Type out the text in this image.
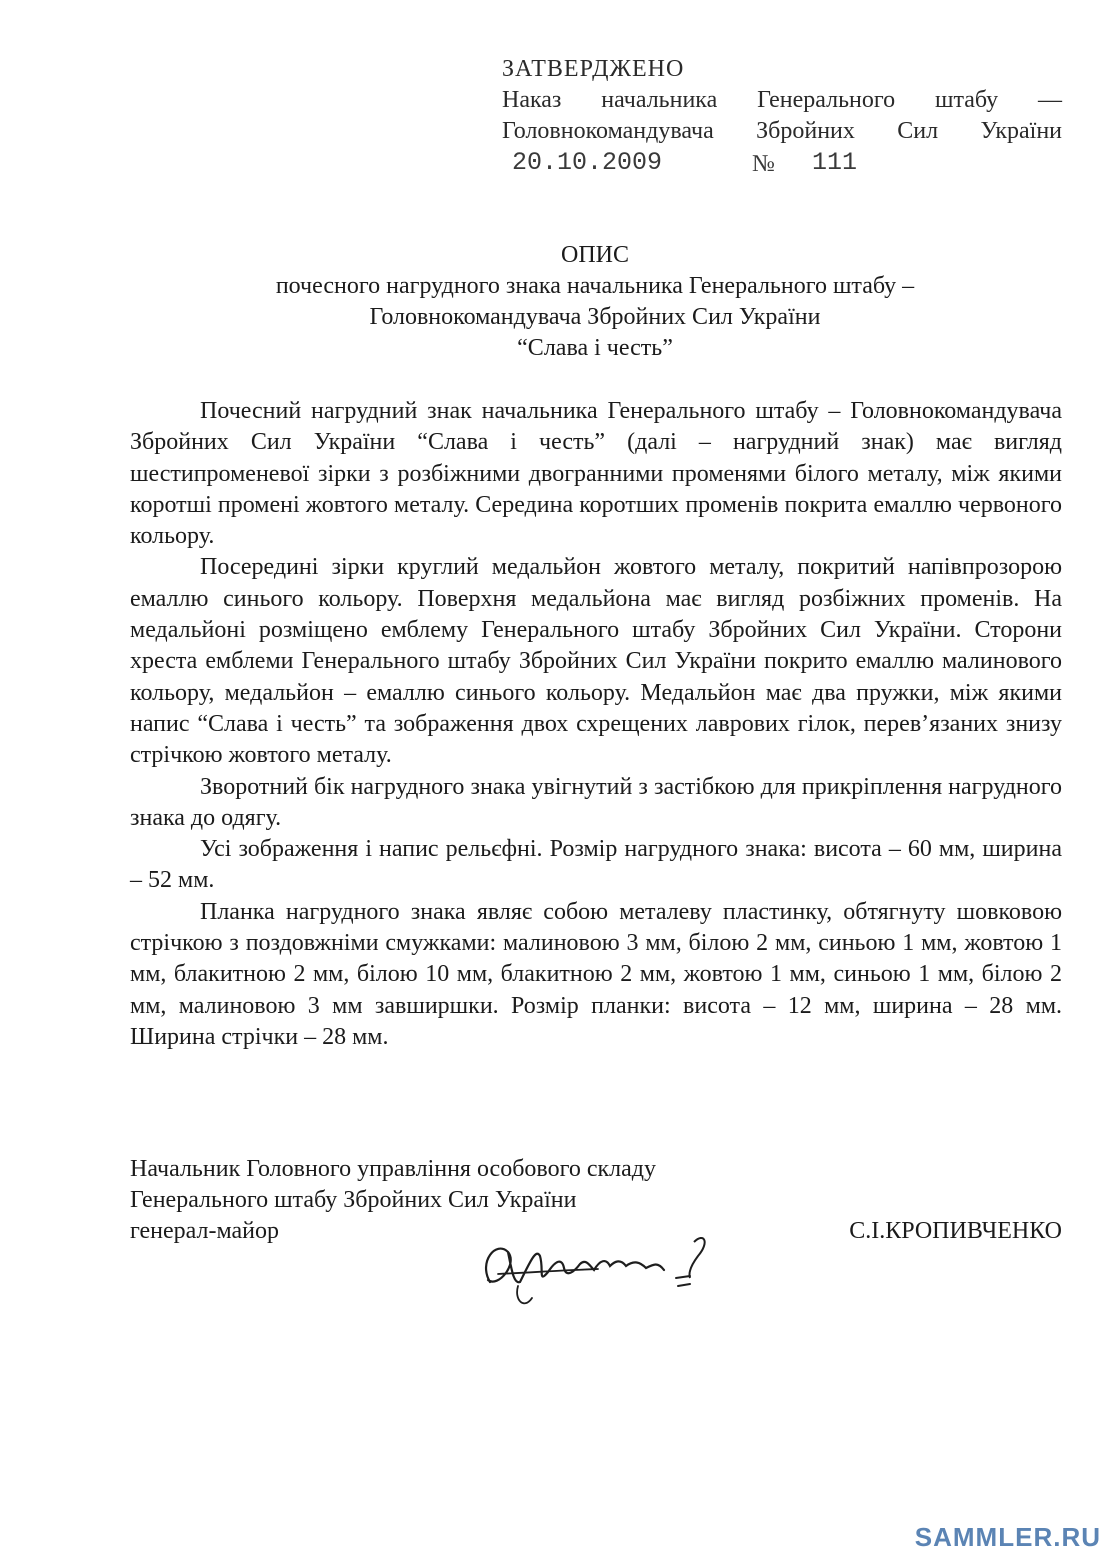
ЗАТВЕРДЖЕНО
Наказ начальника Генерального штабу —
Головнокомандувача Збройних Сил України
20.10.2009	№ 111
ОПИС
почесного нагрудного знака начальника Генерального штабу –
Головнокомандувача Збройних Сил України
“Слава і честь”

Почесний нагрудний знак начальника Генерального штабу – Головнокомандувача Збройних Сил України “Слава і честь” (далі – нагрудний знак) має вигляд шестипроменевої зірки з розбіжними двогранними променями білого металу, між якими коротші промені жовтого металу. Середина коротших променів покрита емаллю червоного кольору.

Посередині зірки круглий медальйон жовтого металу, покритий напівпрозорою емаллю синього кольору. Поверхня медальйона має вигляд розбіжних променів. На медальйоні розміщено емблему Генерального штабу Збройних Сил України. Сторони хреста емблеми Генерального штабу Збройних Сил України покрито емаллю малинового кольору, медальйон – емаллю синього кольору. Медальйон має два пружки, між якими напис “Слава і честь” та зображення двох схрещених лаврових гілок, перев’язаних знизу стрічкою жовтого металу.

Зворотний бік нагрудного знака увігнутий з застібкою для прикріплення нагрудного знака до одягу.

Усі зображення і напис рельєфні. Розмір нагрудного знака: висота – 60 мм, ширина – 52 мм.

Планка нагрудного знака являє собою металеву пластинку, обтягнуту шовковою стрічкою з поздовжніми смужками: малиновою 3 мм, білою 2 мм, синьою 1 мм, жовтою 1 мм, блакитною 2 мм, білою 10 мм, блакитною 2 мм, жовтою 1 мм, синьою 1 мм, білою 2 мм, малиновою 3 мм завширшки. Розмір планки: висота – 12 мм, ширина – 28 мм. Ширина стрічки – 28 мм.

Начальник Головного управління особового складу
Генерального штабу Збройних Сил України
генерал-майор	С.І.КРОПИВЧЕНКО
SAMMLER.RU
